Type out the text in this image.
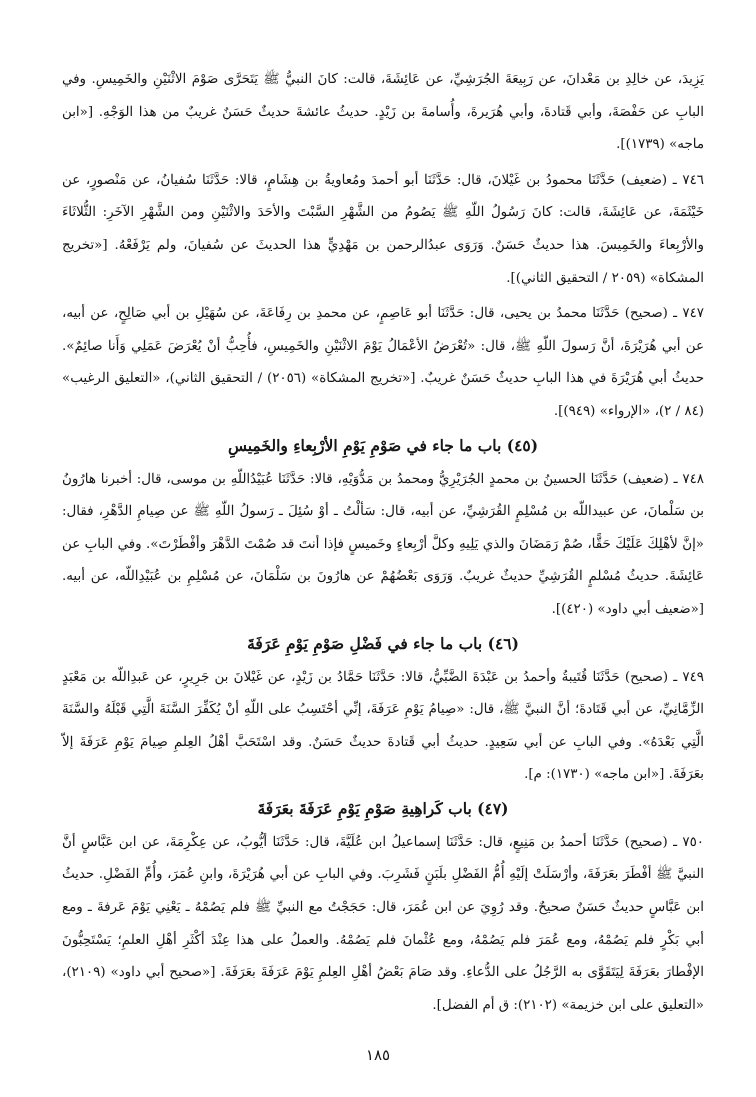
يَزِيدَ، عن خالِدِ بن مَعْدانَ، عن رَبِيعَةَ الجُرَشِيِّ، عن عَائِشَةَ، قالت: كانَ النبيُّ ﷺ يَتَحَرَّى صَوْمَ الاثْنَيْنِ والخَمِيسِ. وفي البابِ عن حَفْصَةَ، وأبي قَتادةَ، وأبي هُرَيرةَ، وأُسامةَ بن زَيْدٍ. حديثُ عائشةَ حديثٌ حَسَنٌ غريبٌ من هذا الوَجْهِ. [«ابن ماجه» (١٧٣٩)].

٧٤٦ ـ (ضعيف) حَدَّثَنَا محمودُ بن غَيْلانَ، قال: حَدَّثَنَا أبو أحمدَ ومُعاويةُ بن هِشَامٍ، قالا: حَدَّثَنَا سُفيانُ، عن مَنْصورٍ، عن خَيْثَمَةَ، عن عَائِشَةَ، قالت: كانَ رَسُولُ اللّهِ ﷺ يَصُومُ من الشَّهْرِ السَّبْتَ والأحَدَ والاثْنَيْنِ ومن الشَّهْرِ الآخَرِ: الثُّلاثَاءَ والأرْبِعاءَ والخَمِيسَ. هذا حديثٌ حَسَنٌ. وَرَوَى عبدُالرحمن بن مَهْدِيٍّ هذا الحديثَ عن سُفيانَ، ولم يَرْفَعْهُ. [«تخريج المشكاة» (٢٠٥٩ / التحقيق الثاني)].

٧٤٧ ـ (صحيح) حَدَّثَنَا محمدُ بن يحيى، قال: حَدَّثَنَا أبو عَاصِمٍ، عن محمدِ بن رِفَاعَةَ، عن سُهَيْلِ بن أبي صَالِحٍ، عن أبيه، عن أبي هُرَيْرَةَ، أنَّ رَسولَ اللّهِ ﷺ، قال: «تُعْرَضُ الأعْمَالُ يَوْمَ الاثْنَيْنِ والخَمِيسِ، فأُحِبُّ أنْ يُعْرَضَ عَمَلِي وَأَنا صائِمٌ». حديثُ أبي هُرَيْرَةَ في هذا البابِ حديثٌ حَسَنٌ غريبٌ. [«تخريج المشكاة» (٢٠٥٦) / التحقيق الثاني)، «التعليق الرغيب» (٨٤ / ٢)، «الإرواء» (٩٤٩)].

(٤٥) باب ما جاء في صَوْمِ يَوْمِ الأرْبِعاءِ والخَمِيسِ

٧٤٨ ـ (ضعيف) حَدَّثَنَا الحسينُ بن محمدٍ الجُرَيْرِيُّ ومحمدُ بن مَدُّوَيْهِ، قالا: حَدَّثَنَا عُبَيْدُاللّهِ بن موسى، قال: أخبرنا هارُونُ بن سَلْمانَ، عن عبيداللّه بن مُسْلِمٍ القُرَشِيِّ، عن أبيه، قال: سَألْتُ ـ أوْ سُئِلَ ـ رَسولُ اللّهِ ﷺ عن صِيامِ الدَّهْرِ، فقال: «إنَّ لأهْلِكَ عَلَيْكَ حَقًّا، صُمْ رَمَضَانَ والذي يَلِيهِ وكلَّ أرْبِعاءٍ وخَميسٍ فإذا أنتَ قد صُمْتَ الدَّهْرَ وأفْطَرْتَ». وفي البابِ عن عَائِشَةَ. حديثُ مُسْلمٍ القُرَشِيِّ حديثٌ غريبٌ. وَرَوَى بَعْضُهُمْ عن هارُونَ بن سَلْمَانَ، عن مُسْلِمِ بن عُبَيْدِاللّه، عن أبيه. [«ضعيف أبي داود» (٤٢٠)].

(٤٦) باب ما جاء في فَضْلِ صَوْمِ يَوْمِ عَرَفَةَ

٧٤٩ ـ (صحيح) حَدَّثَنَا قُتَيبةُ وأحمدُ بن عَبْدَةَ الضَّبِّيُّ، قالا: حَدَّثَنَا حَمَّادُ بن زَيْدٍ، عن غَيْلانَ بن جَرِيرٍ، عن عَبدِاللّه بن مَعْبَدٍ الزِّمَّانِيِّ، عن أبي قَتَادةَ؛ أنَّ النبيَّ ﷺ، قال: «صِيامُ يَوْمِ عَرَفَةَ، إنِّي أحْتَسِبُ على اللّهِ أنْ يُكَفِّرَ السَّنَةَ الَّتِي قَبْلَهُ والسَّنَةَ الَّتِي بَعْدَهُ». وفي البابِ عن أبي سَعِيدٍ. حديثُ أبي قَتادةَ حديثٌ حَسَنٌ. وقد اسْتَحَبَّ أهْلُ العِلمِ صِيامَ يَوْمِ عَرَفَةَ إلاّ بعَرَفَةَ. [«ابن ماجه» (١٧٣٠): م].

(٤٧) باب كَراهِيةِ صَوْمِ يَوْمِ عَرَفَةَ بعَرَفَةَ

٧٥٠ ـ (صحيح) حَدَّثَنَا أحمدُ بن مَنِيعٍ، قال: حَدَّثَنَا إسماعيلُ ابن عُلَيَّةَ، قال: حَدَّثَنَا أيُّوبُ، عن عِكْرِمَةَ، عن ابن عَبَّاسٍ أنَّ النبيَّ ﷺ أفْطَرَ بعَرَفَةَ، وأرْسَلَتْ إلَيْهِ أُمُّ الفَضْلِ بلَبَنٍ فَشَرِبَ. وفي البابِ عن أبي هُرَيْرَةَ، وابنِ عُمَرَ، وأُمِّ الفَضْلِ. حديثُ ابن عَبَّاسٍ حديثٌ حَسَنٌ صحيحٌ. وقد رُوِيَ عن ابن عُمَرَ، قال: حَجَجْتُ مع النبيِّ ﷺ فلم يَصُمْهُ ـ يَعْنِي يَوْمَ عَرفةَ ـ ومع أبي بَكْرٍ فلم يَصُمْهُ، ومع عُمَرَ فلم يَصُمْهُ، ومع عُثْمانَ فلم يَصُمْهُ. والعملُ على هذا عِنْدَ أكْثَرِ أهْلِ العلمِ؛ يَسْتَحِبُّونَ الإفْطارَ بعَرَفَةَ لِيَتَقَوَّى به الرَّجُلُ على الدُّعاءِ. وقد صَامَ بَعْضُ أهْلِ العِلمِ يَوْمَ عَرَفَةَ بعَرَفَةَ. [«صحيح أبي داود» (٢١٠٩)، «التعليق على ابن خزيمة» (٢١٠٢): ق أم الفضل].

١٨٥
